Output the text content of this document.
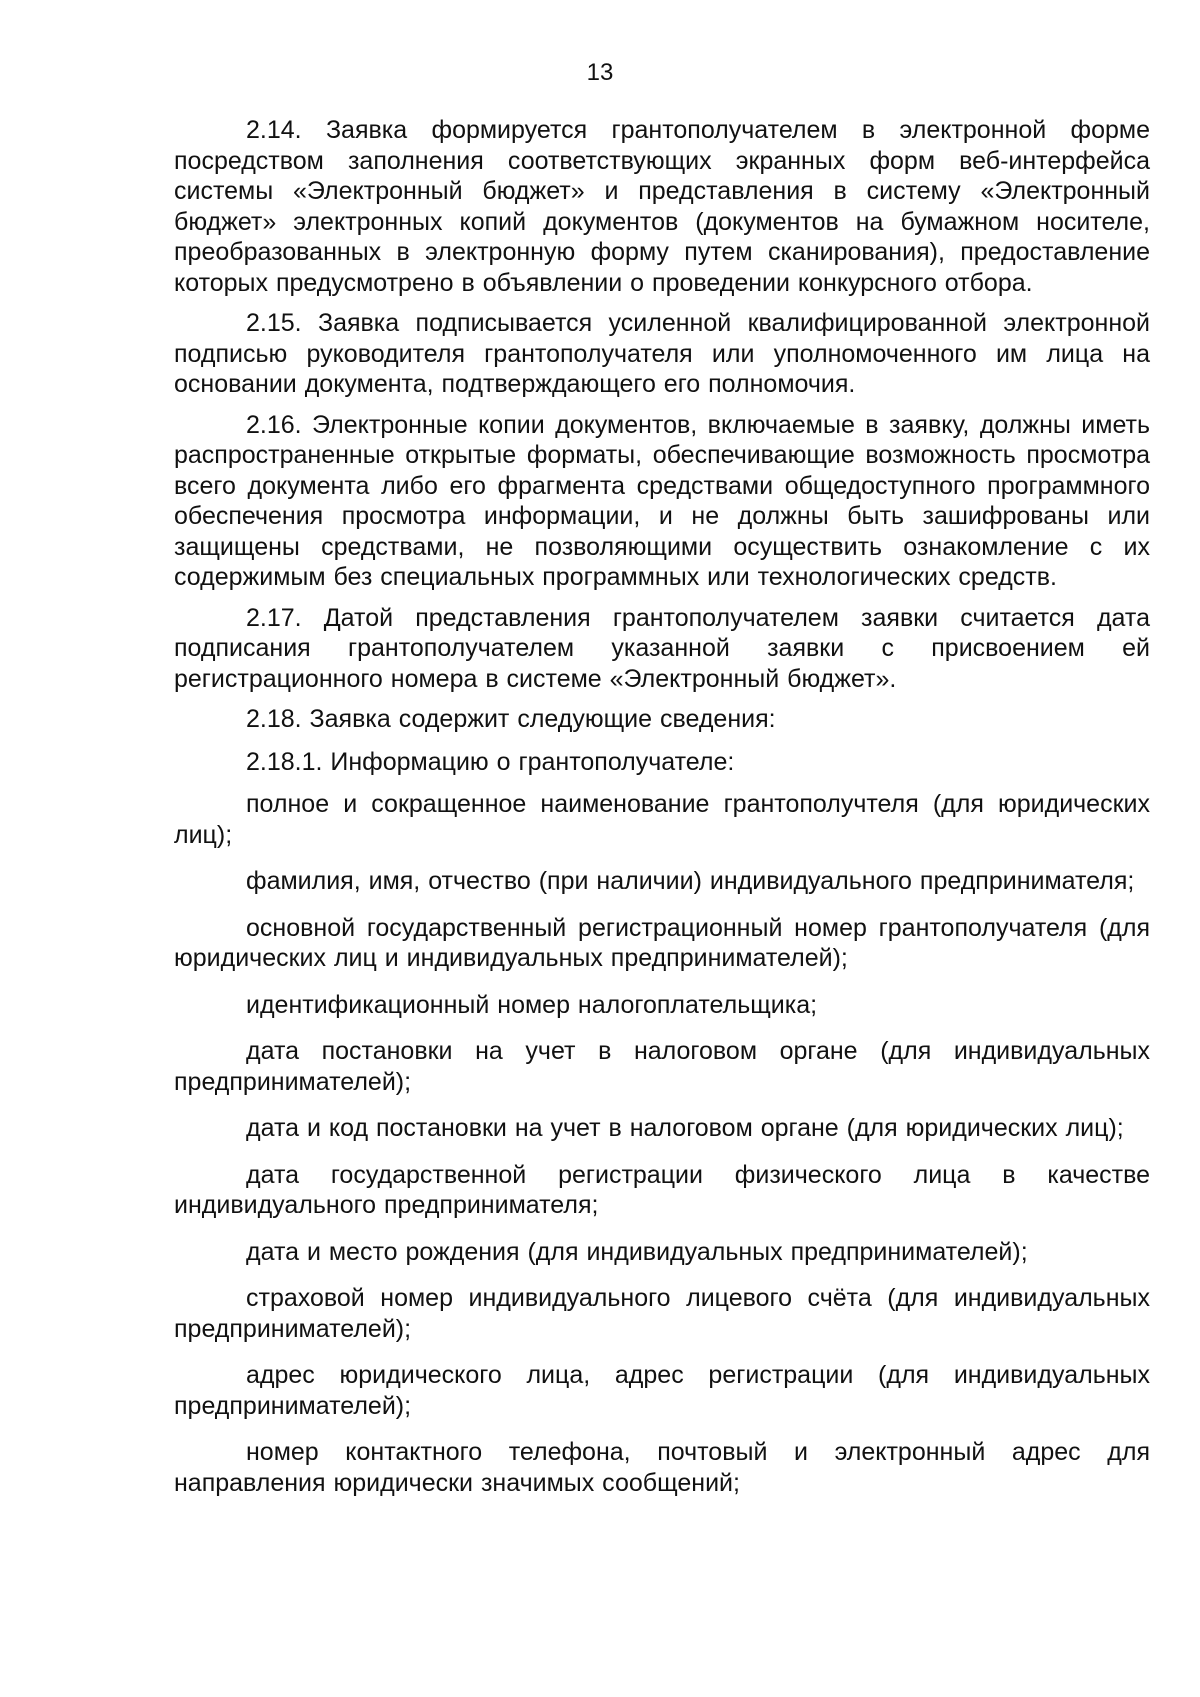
13

2.14. Заявка формируется грантополучателем в электронной форме посредством заполнения соответствующих экранных форм веб-интерфейса системы «Электронный бюджет» и представления в систему «Электронный бюджет» электронных копий документов (документов на бумажном носителе, преобразованных в электронную форму путем сканирования), предоставление которых предусмотрено в объявлении о проведении конкурсного отбора.

2.15. Заявка подписывается усиленной квалифицированной электронной подписью руководителя грантополучателя или уполномоченного им лица на основании документа, подтверждающего его полномочия.

2.16. Электронные копии документов, включаемые в заявку, должны иметь распространенные открытые форматы, обеспечивающие возможность просмотра всего документа либо его фрагмента средствами общедоступного программного обеспечения просмотра информации, и не должны быть зашифрованы или защищены средствами, не позволяющими осуществить ознакомление с их содержимым без специальных программных или технологических средств.

2.17. Датой представления грантополучателем заявки считается дата подписания грантополучателем указанной заявки с присвоением ей регистрационного номера в системе «Электронный бюджет».

2.18. Заявка содержит следующие сведения:

2.18.1. Информацию о грантополучателе:

полное и сокращенное наименование грантополучтеля (для юридических лиц);

фамилия, имя, отчество (при наличии) индивидуального предпринимателя;

основной государственный регистрационный номер грантополучателя (для юридических лиц и индивидуальных предпринимателей);

идентификационный номер налогоплательщика;

дата постановки на учет в налоговом органе (для индивидуальных предпринимателей);

дата и код постановки на учет в налоговом органе (для юридических лиц);

дата государственной регистрации физического лица в качестве индивидуального предпринимателя;

дата и место рождения (для индивидуальных предпринимателей);

страховой номер индивидуального лицевого счёта (для индивидуальных предпринимателей);

адрес юридического лица, адрес регистрации (для индивидуальных предпринимателей);

номер контактного телефона, почтовый и электронный адрес для направления юридически значимых сообщений;
